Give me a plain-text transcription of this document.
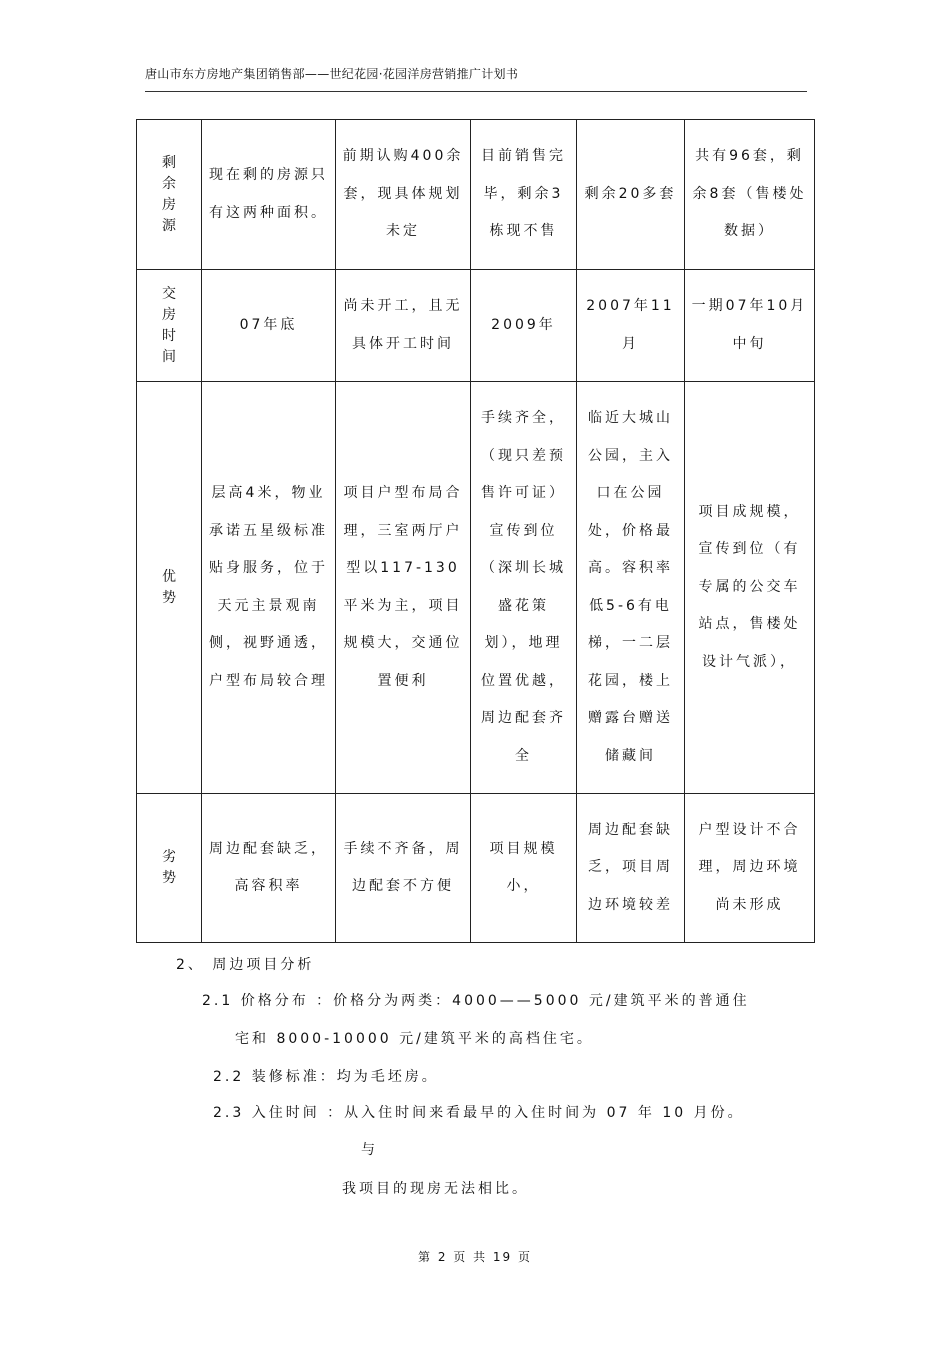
唐山市东方房地产集团销售部——世纪花园·花园洋房营销推广计划书
剩余房源	现在剩的房源只有这两种面积。	前期认购400余套，现具体规划未定	目前销售完毕，剩余3栋现不售	剩余20多套	共有96套，剩余8套（售楼处数据）
交房时间	07年底	尚未开工，且无具体开工时间	2009年	2007年11月	一期07年10月中旬
优势	层高4米，物业承诺五星级标准贴身服务，位于天元主景观南侧，视野通透，户型布局较合理	项目户型布局合理，三室两厅户型以117-130平米为主，项目规模大，交通位置便利	手续齐全，（现只差预售许可证）宣传到位（深圳长城盛花策划），地理位置优越，周边配套齐全	临近大城山公园，主入口在公园处，价格最高。容积率低5-6有电梯，一二层花园，楼上赠露台赠送储藏间	项目成规模，宣传到位（有专属的公交车站点，售楼处设计气派），
劣势	周边配套缺乏，高容积率	手续不齐备，周边配套不方便	项目规模小，	周边配套缺乏，项目周边环境较差	户型设计不合理，周边环境尚未形成
2、 周边项目分析
2.1 价格分布 ：价格分为两类：4000——5000 元/建筑平米的普通住
宅和 8000-10000 元/建筑平米的高档住宅。
2.2 装修标准：均为毛坯房。
2.3 入住时间 ：从入住时间来看最早的入住时间为 07 年 10 月份。
与
我项目的现房无法相比。
第 2 页 共 19 页
